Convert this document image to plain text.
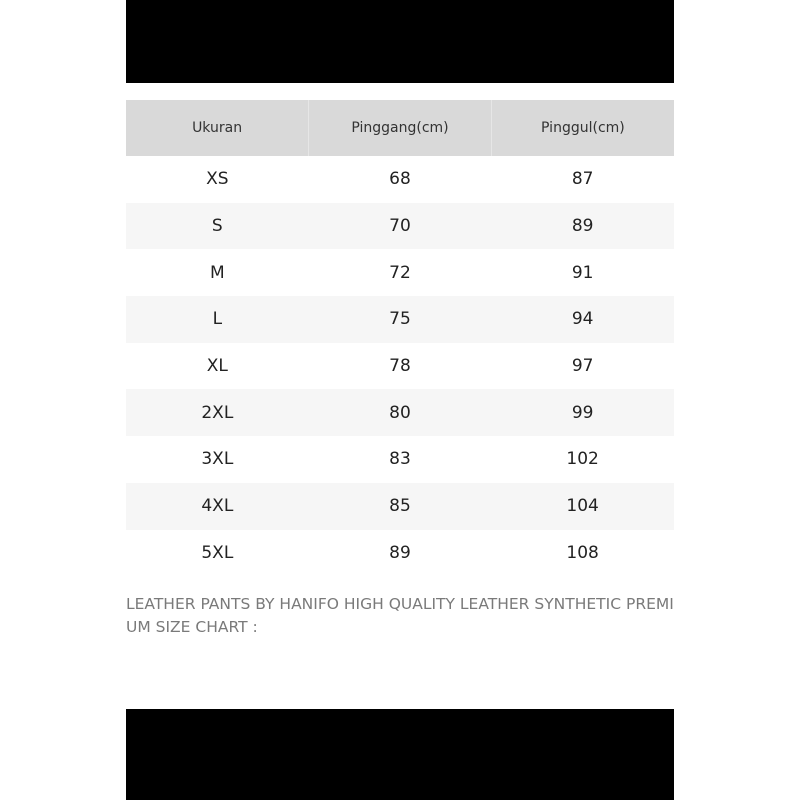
Ukuran	Pinggang(cm)	Pinggul(cm)
XS	68	87
S	70	89
M	72	91
L	75	94
XL	78	97
2XL	80	99
3XL	83	102
4XL	85	104
5XL	89	108
LEATHER PANTS BY HANIFO HIGH QUALITY LEATHER SYNTHETIC PREMIUM SIZE CHART :
